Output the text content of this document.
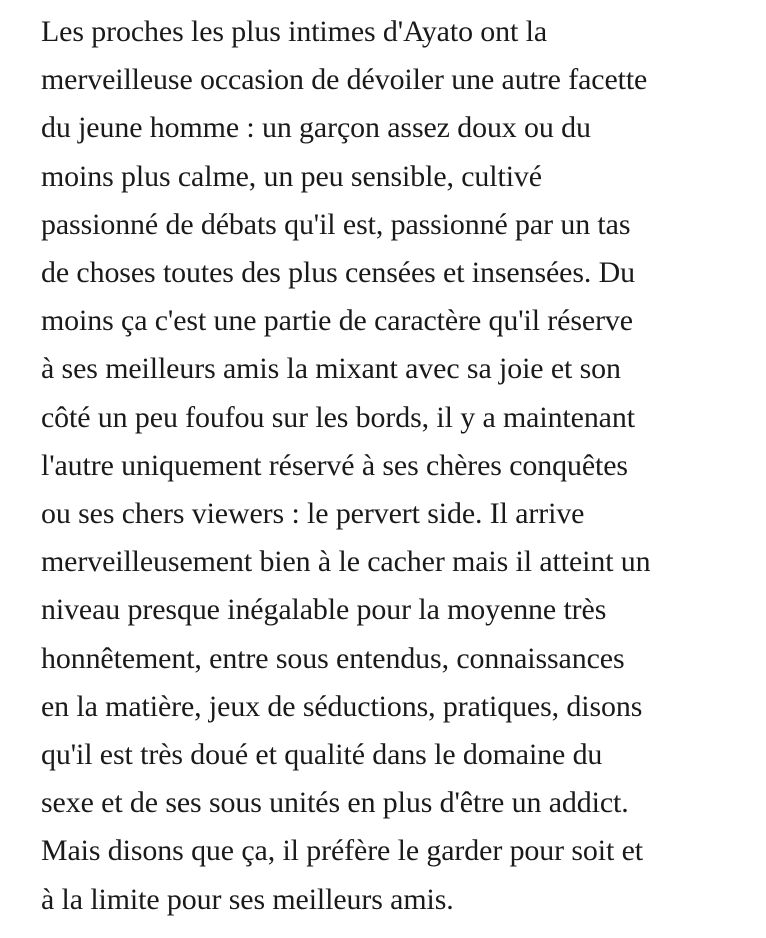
Les proches les plus intimes d'Ayato ont la
merveilleuse occasion de dévoiler une autre facette
du jeune homme : un garçon assez doux ou du
moins plus calme, un peu sensible, cultivé
passionné de débats qu'il est, passionné par un tas
de choses toutes des plus censées et insensées. Du
moins ça c'est une partie de caractère qu'il réserve
à ses meilleurs amis la mixant avec sa joie et son
côté un peu foufou sur les bords, il y a maintenant
l'autre uniquement réservé à ses chères conquêtes
ou ses chers viewers : le pervert side. Il arrive
merveilleusement bien à le cacher mais il atteint un
niveau presque inégalable pour la moyenne très
honnêtement, entre sous entendus, connaissances
en la matière, jeux de séductions, pratiques, disons
qu'il est très doué et qualité dans le domaine du
sexe et de ses sous unités en plus d'être un addict.
Mais disons que ça, il préfère le garder pour soit et
à la limite pour ses meilleurs amis.
